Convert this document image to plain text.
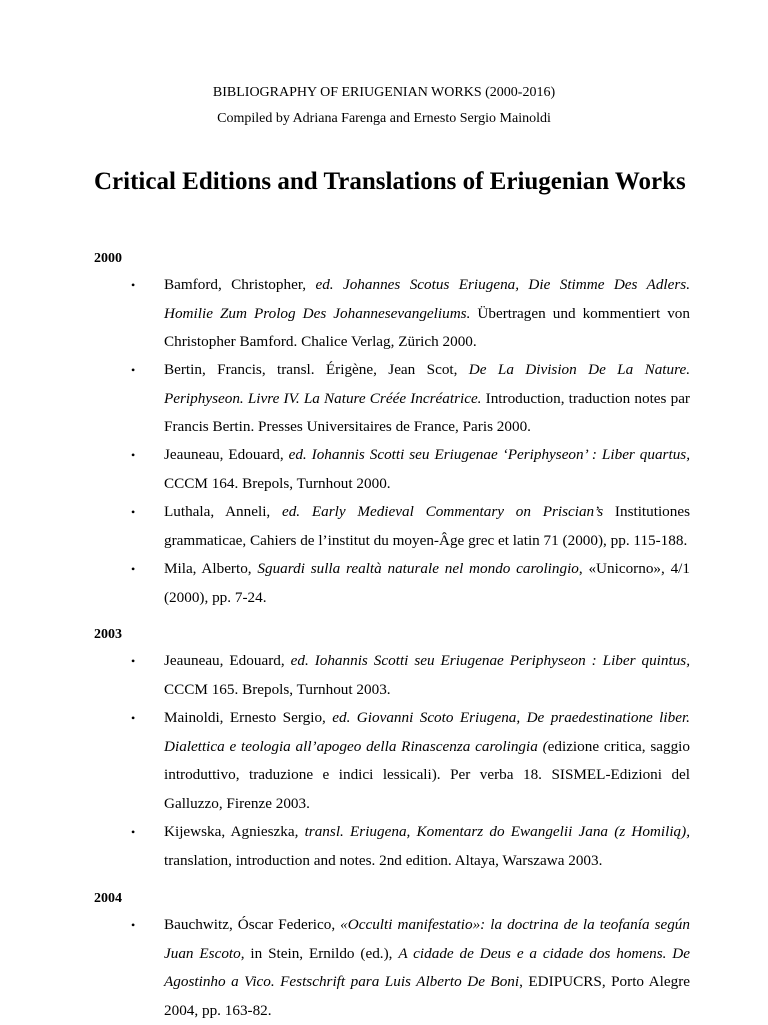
BIBLIOGRAPHY OF ERIUGENIAN WORKS (2000-2016)
Compiled by Adriana Farenga and Ernesto Sergio Mainoldi
Critical Editions and Translations of Eriugenian Works
2000
• Bamford, Christopher, ed. Johannes Scotus Eriugena, Die Stimme Des Adlers. Homilie Zum Prolog Des Johannesevangeliums. Übertragen und kommentiert von Christopher Bamford. Chalice Verlag, Zürich 2000.
• Bertin, Francis, transl. Érigène, Jean Scot, De La Division De La Nature. Periphyseon. Livre IV. La Nature Créée Incréatrice. Introduction, traduction notes par Francis Bertin. Presses Universitaires de France, Paris 2000.
• Jeauneau, Edouard, ed. Iohannis Scotti seu Eriugenae ‘Periphyseon’ : Liber quartus, CCCM 164. Brepols, Turnhout 2000.
• Luthala, Anneli, ed. Early Medieval Commentary on Priscian’s Institutiones grammaticae, Cahiers de l’institut du moyen-Âge grec et latin 71 (2000), pp. 115-188.
• Mila, Alberto, Sguardi sulla realtà naturale nel mondo carolingio, «Unicorno», 4/1 (2000), pp. 7-24.
2003
• Jeauneau, Edouard, ed. Iohannis Scotti seu Eriugenae Periphyseon : Liber quintus, CCCM 165. Brepols, Turnhout 2003.
• Mainoldi, Ernesto Sergio, ed. Giovanni Scoto Eriugena, De praedestinatione liber. Dialettica e teologia all’apogeo della Rinascenza carolingia (edizione critica, saggio introduttivo, traduzione e indici lessicali). Per verba 18. SISMEL-Edizioni del Galluzzo, Firenze 2003.
• Kijewska, Agnieszka, transl. Eriugena, Komentarz do Ewangelii Jana (z Homilią), translation, introduction and notes. 2nd edition. Altaya, Warszawa 2003.
2004
• Bauchwitz, Óscar Federico, «Occulti manifestatio»: la doctrina de la teofanía según Juan Escoto, in Stein, Ernildo (ed.), A cidade de Deus e a cidade dos homens. De Agostinho a Vico. Festschrift para Luis Alberto De Boni, EDIPUCRS, Porto Alegre 2004, pp. 163-82.
